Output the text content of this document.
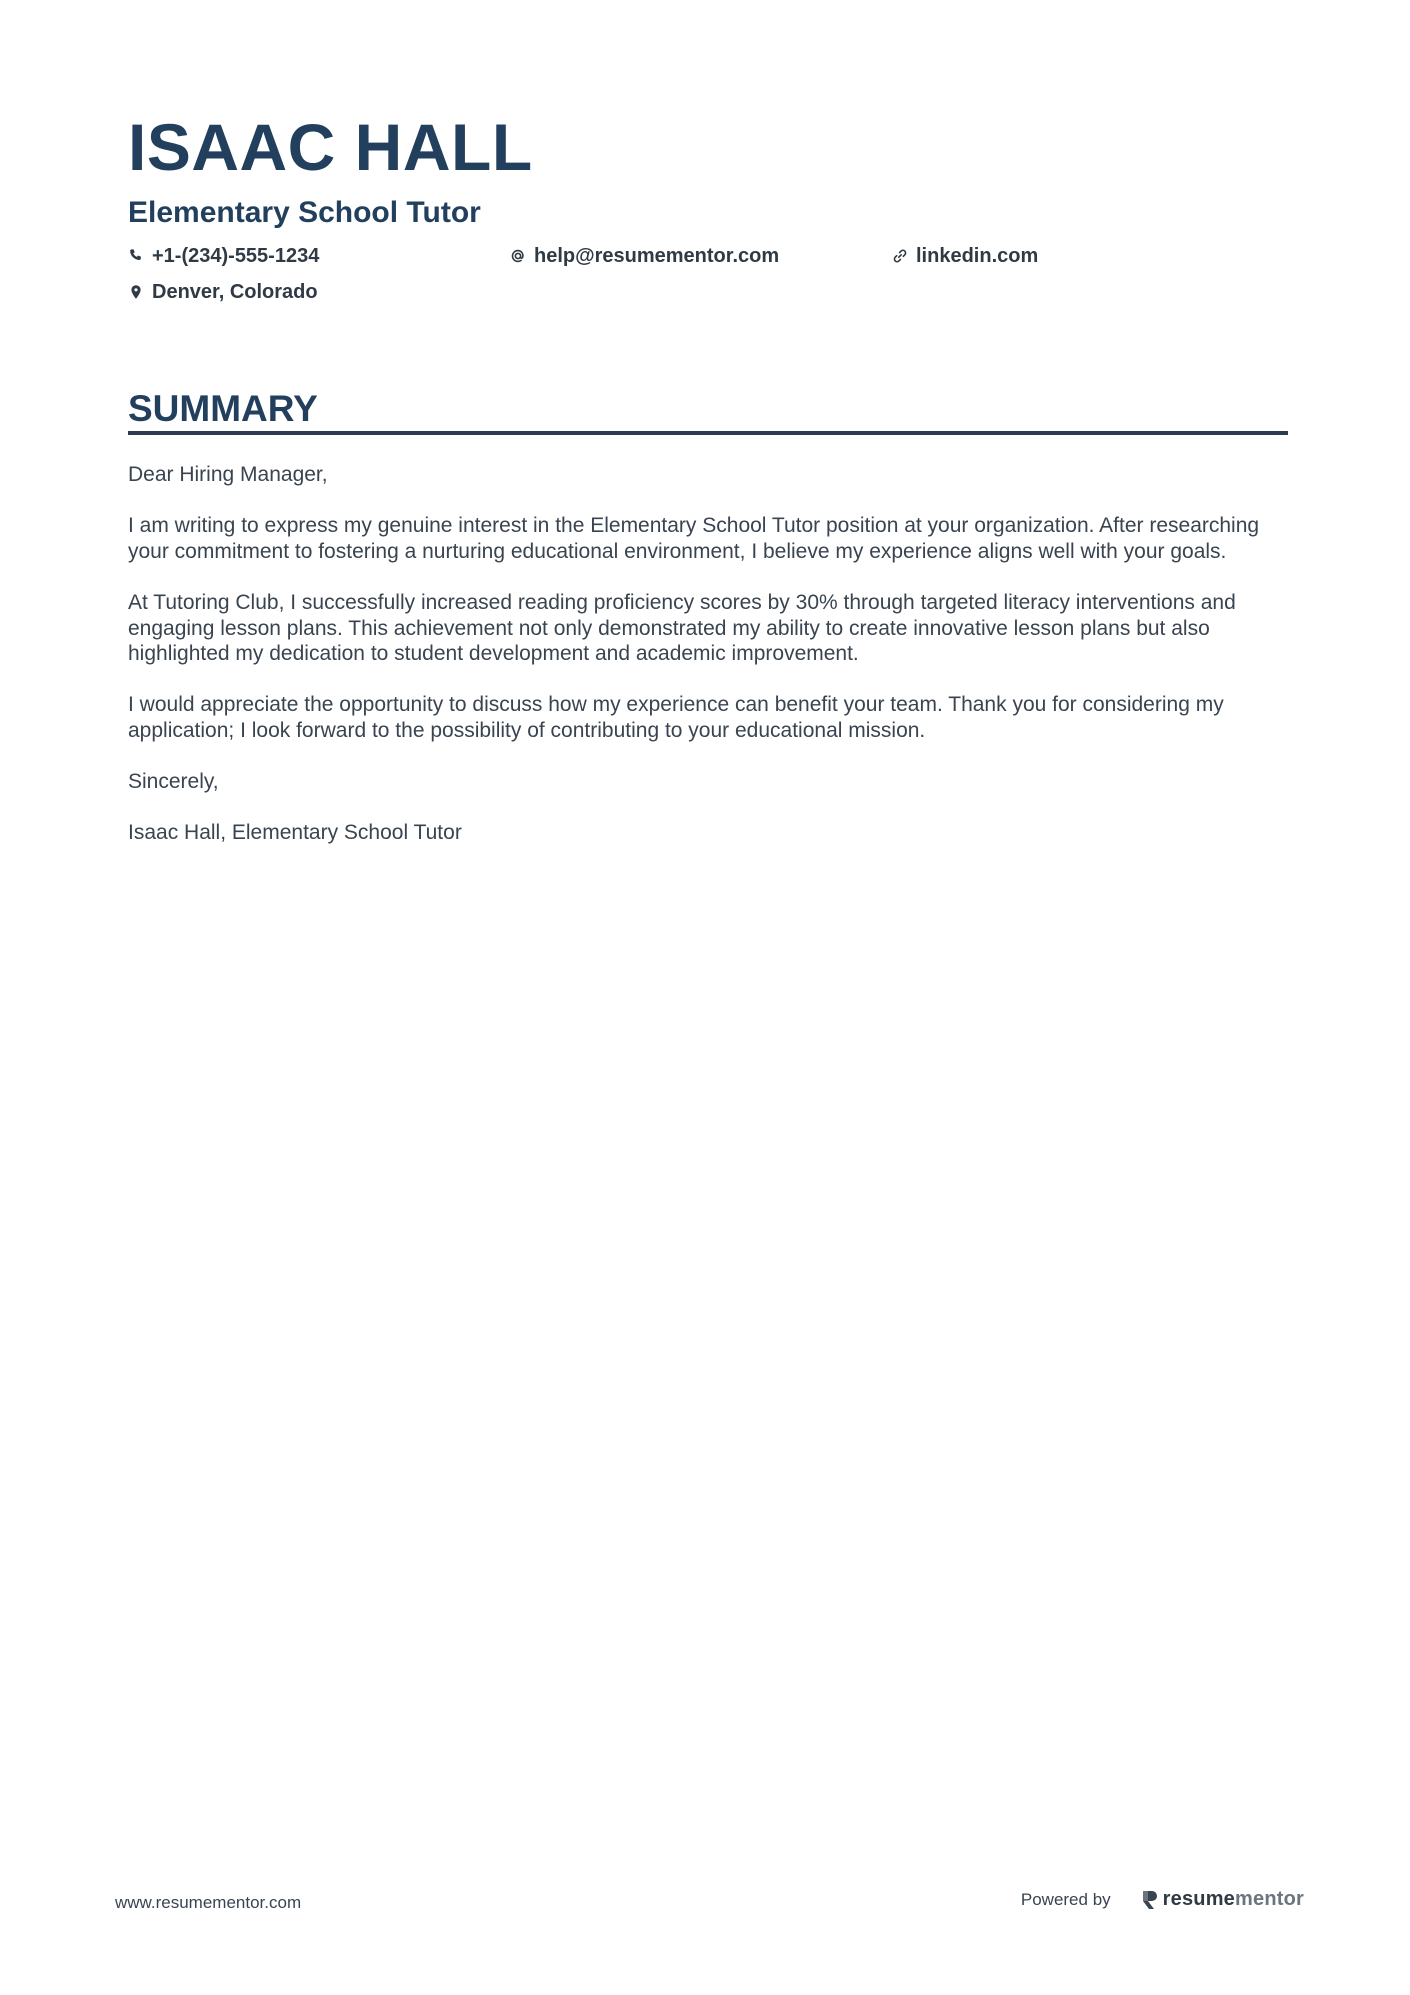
ISAAC HALL
Elementary School Tutor
+1-(234)-555-1234	help@resumementor.com	linkedin.com
Denver, Colorado
SUMMARY

Dear Hiring Manager,

I am writing to express my genuine interest in the Elementary School Tutor position at your organization. After researching your commitment to fostering a nurturing educational environment, I believe my experience aligns well with your goals.

At Tutoring Club, I successfully increased reading proficiency scores by 30% through targeted literacy interventions and engaging lesson plans. This achievement not only demonstrated my ability to create innovative lesson plans but also highlighted my dedication to student development and academic improvement.

I would appreciate the opportunity to discuss how my experience can benefit your team. Thank you for considering my application; I look forward to the possibility of contributing to your educational mission.

Sincerely,

Isaac Hall, Elementary School Tutor

www.resumementor.com	Powered by	resumementor
